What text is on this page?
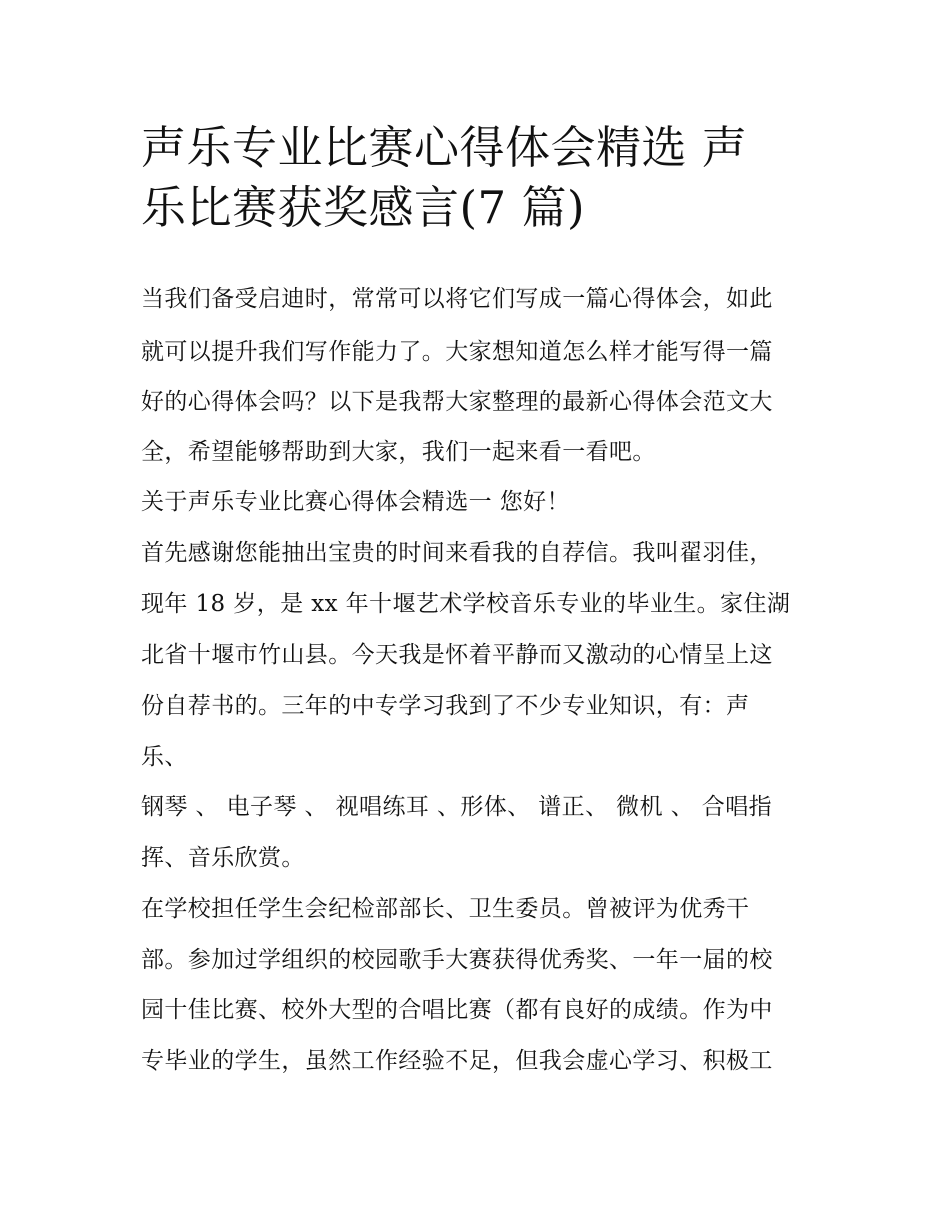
声乐专业比赛心得体会精选 声
乐比赛获奖感言(7 篇)
当我们备受启迪时，常常可以将它们写成一篇心得体会，如此
就可以提升我们写作能力了。大家想知道怎么样才能写得一篇
好的心得体会吗？以下是我帮大家整理的最新心得体会范文大
全，希望能够帮助到大家，我们一起来看一看吧。
关于声乐专业比赛心得体会精选一 您好！
首先感谢您能抽出宝贵的时间来看我的自荐信。我叫翟羽佳，
现年 18 岁，是 xx 年十堰艺术学校音乐专业的毕业生。家住湖
北省十堰市竹山县。今天我是怀着平静而又激动的心情呈上这
份自荐书的。三年的中专学习我到了不少专业知识，有：声
乐、
钢琴 、 电子琴 、 视唱练耳 、形体、 谱正、 微机 、 合唱指
挥、音乐欣赏。
在学校担任学生会纪检部部长、卫生委员。曾被评为优秀干
部。参加过学组织的校园歌手大赛获得优秀奖、一年一届的校
园十佳比赛、校外大型的合唱比赛（都有良好的成绩。作为中
专毕业的学生，虽然工作经验不足，但我会虚心学习、积极工
